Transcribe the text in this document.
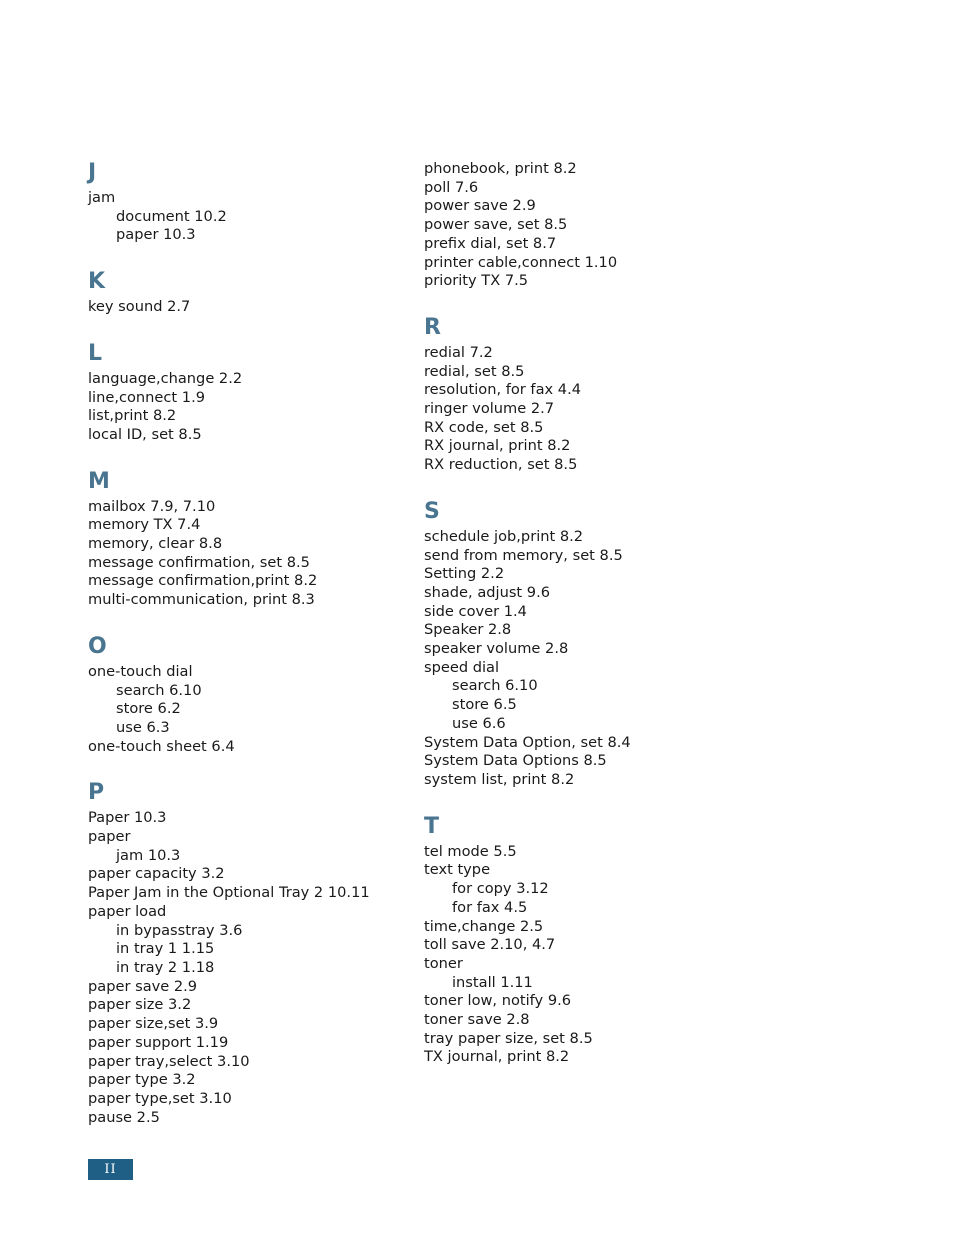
J
jam
document 10.2
paper 10.3
K
key sound 2.7
L
language,change 2.2
line,connect 1.9
list,print 8.2
local ID, set 8.5
M
mailbox 7.9, 7.10
memory TX 7.4
memory, clear 8.8
message confirmation, set 8.5
message confirmation,print 8.2
multi-communication, print 8.3
O
one-touch dial
search 6.10
store 6.2
use 6.3
one-touch sheet 6.4
P
Paper 10.3
paper
jam 10.3
paper capacity 3.2
Paper Jam in the Optional Tray 2 10.11
paper load
in bypasstray 3.6
in tray 1 1.15
in tray 2 1.18
paper save 2.9
paper size 3.2
paper size,set 3.9
paper support 1.19
paper tray,select 3.10
paper type 3.2
paper type,set 3.10
pause 2.5
phonebook, print 8.2
poll 7.6
power save 2.9
power save, set 8.5
prefix dial, set 8.7
printer cable,connect 1.10
priority TX 7.5
R
redial 7.2
redial, set 8.5
resolution, for fax 4.4
ringer volume 2.7
RX code, set 8.5
RX journal, print 8.2
RX reduction, set 8.5
S
schedule job,print 8.2
send from memory, set 8.5
Setting 2.2
shade, adjust 9.6
side cover 1.4
Speaker 2.8
speaker volume 2.8
speed dial
search 6.10
store 6.5
use 6.6
System Data Option, set 8.4
System Data Options 8.5
system list, print 8.2
T
tel mode 5.5
text type
for copy 3.12
for fax 4.5
time,change 2.5
toll save 2.10, 4.7
toner
install 1.11
toner low, notify 9.6
toner save 2.8
tray paper size, set 8.5
TX journal, print 8.2
II
